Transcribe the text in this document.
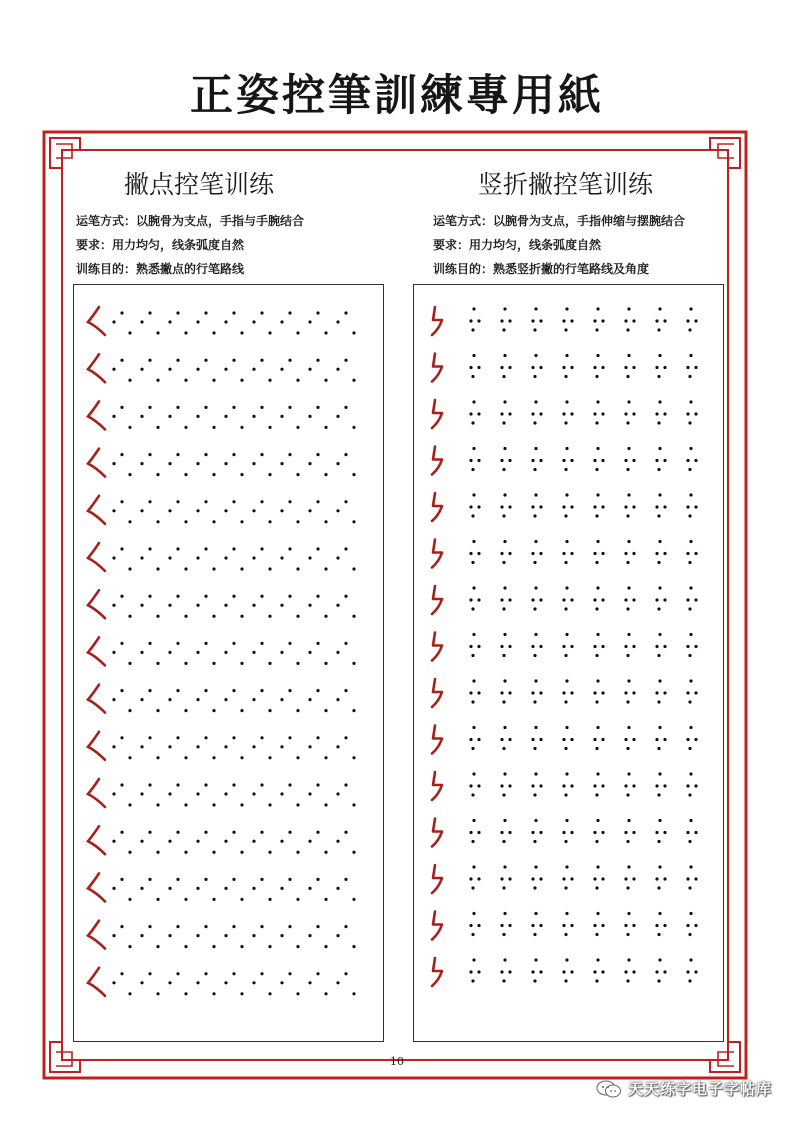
正姿控筆訓練專用紙
撇点控笔训练
运笔方式：以腕骨为支点，手指与手腕结合
要求：用力均匀，线条弧度自然
训练目的：熟悉撇点的行笔路线
竖折撇控笔训练
运笔方式：以腕骨为支点，手指伸缩与摆腕结合
要求：用力均匀，线条弧度自然
训练目的：熟悉竖折撇的行笔路线及角度
10
天天练字电子字帖库
